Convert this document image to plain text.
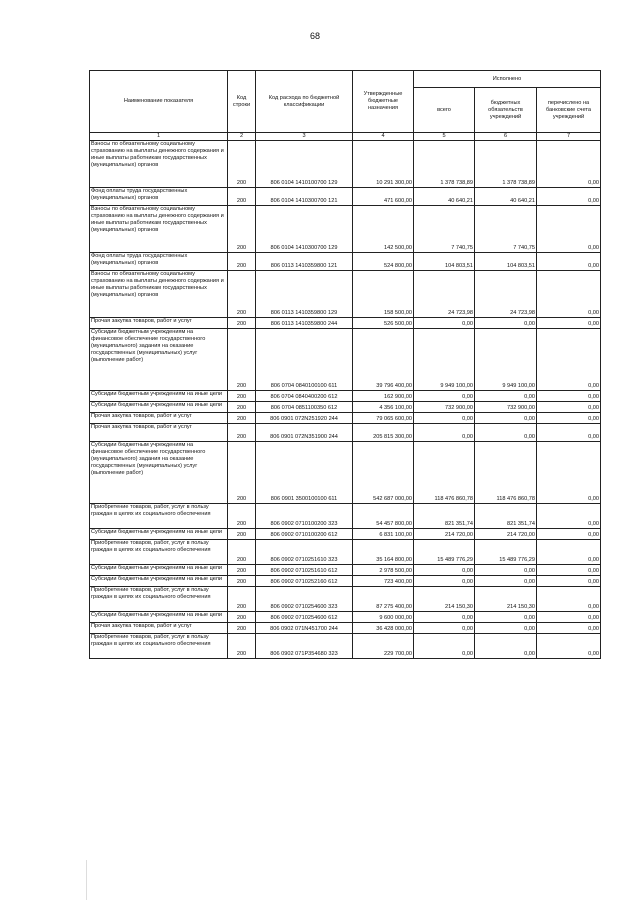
68
Наименование показателя	Код строки	Код расхода по бюджетной классификации	Утвержденные бюджетные назначения	Исполнено		
				всего	бюджетных обязательств учреждений	перечислено на банковские счета учреждений
1	2	3	4	5	6	7
Взносы по обязательному социальному страхованию на выплаты денежного содержания и иные выплаты работникам государственных (муниципальных) органов	200	806 0104 1410100700 129	10 291 300,00	1 378 738,89	1 378 738,89	0,00
Фонд оплаты труда государственных (муниципальных) органов	200	806 0104 1410300700 121	471 600,00	40 640,21	40 640,21	0,00
Взносы по обязательному социальному страхованию на выплаты денежного содержания и иные выплаты работникам государственных (муниципальных) органов	200	806 0104 1410300700 129	142 500,00	7 740,75	7 740,75	0,00
Фонд оплаты труда государственных (муниципальных) органов	200	806 0113 1410359800 121	524 800,00	104 803,51	104 803,51	0,00
Взносы по обязательному социальному страхованию на выплаты денежного содержания и иные выплаты работникам государственных (муниципальных) органов	200	806 0113 1410359800 129	158 500,00	24 723,98	24 723,98	0,00
Прочая закупка товаров, работ и услуг	200	806 0113 1410359800 244	526 500,00	0,00	0,00	0,00
Субсидии бюджетным учреждениям на финансовое обеспечение государственного (муниципального) задания на оказание государственных (муниципальных) услуг (выполнение работ)	200	806 0704 0840100100 611	39 796 400,00	9 949 100,00	9 949 100,00	0,00
Субсидии бюджетным учреждениям на иные цели	200	806 0704 0840400200 612	162 900,00	0,00	0,00	0,00
Субсидии бюджетным учреждениям на иные цели	200	806 0704 0851100350 612	4 356 100,00	732 900,00	732 900,00	0,00
Прочая закупка товаров, работ и услуг	200	806 0901 072N251920 244	79 065 600,00	0,00	0,00	0,00
Прочая закупка товаров, работ и услуг	200	806 0901 072N351900 244	205 815 300,00	0,00	0,00	0,00
Субсидии бюджетным учреждениям на финансовое обеспечение государственного (муниципального) задания на оказание государственных (муниципальных) услуг (выполнение работ)	200	806 0901 3500100100 611	542 687 000,00	118 476 860,78	118 476 860,78	0,00
Приобретение товаров, работ, услуг в пользу граждан в целях их социального обеспечения	200	806 0902 0710100200 323	54 457 800,00	821 351,74	821 351,74	0,00
Субсидии бюджетным учреждениям на иные цели	200	806 0902 0710100200 612	6 831 100,00	214 720,00	214 720,00	0,00
Приобретение товаров, работ, услуг в пользу граждан в целях их социального обеспечения	200	806 0902 0710251610 323	35 164 800,00	15 489 776,29	15 489 776,29	0,00
Субсидии бюджетным учреждениям на иные цели	200	806 0902 0710251610 612	2 978 500,00	0,00	0,00	0,00
Субсидии бюджетным учреждениям на иные цели	200	806 0902 0710252160 612	723 400,00	0,00	0,00	0,00
Приобретение товаров, работ, услуг в пользу граждан в целях их социального обеспечения	200	806 0902 0710254600 323	87 275 400,00	214 150,30	214 150,30	0,00
Субсидии бюджетным учреждениям на иные цели	200	806 0902 0710254600 612	9 600 000,00	0,00	0,00	0,00
Прочая закупка товаров, работ и услуг	200	806 0902 071N451700 244	36 428 000,00	0,00	0,00	0,00
Приобретение товаров, работ, услуг в пользу граждан в целях их социального обеспечения	200	806 0902 071P354680 323	229 700,00	0,00	0,00	0,00
